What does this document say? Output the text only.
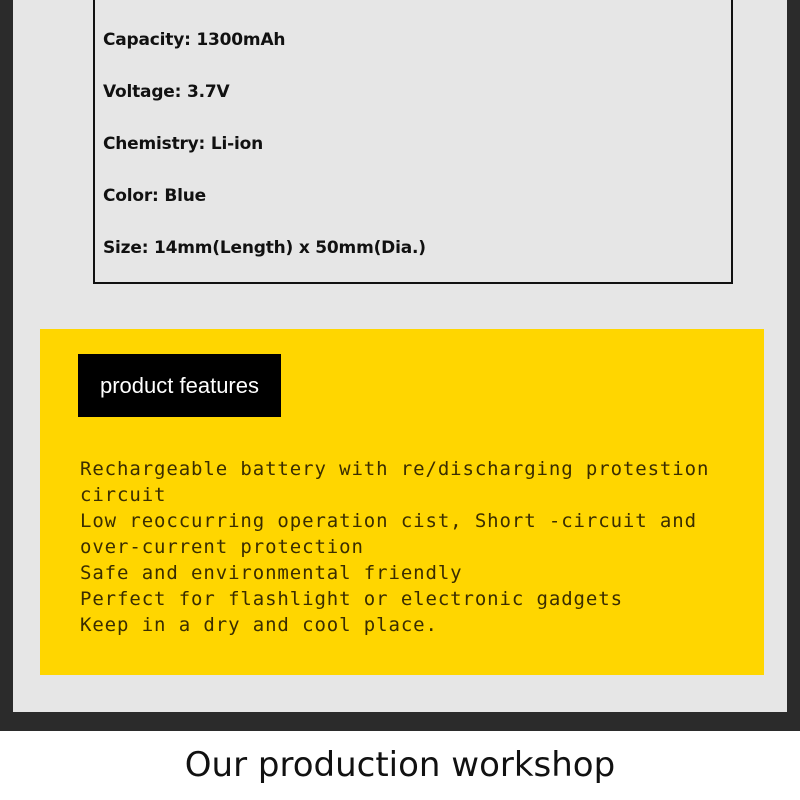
Capacity: 1300mAh
Voltage: 3.7V
Chemistry: Li-ion
Color: Blue
Size: 14mm(Length) x 50mm(Dia.)
product features
Rechargeable battery with re/discharging protestion circuit
Low reoccurring operation cist, Short -circuit and over-current protection
Safe and environmental friendly
Perfect for flashlight or electronic gadgets
Keep in a dry and cool place.
Our production workshop
